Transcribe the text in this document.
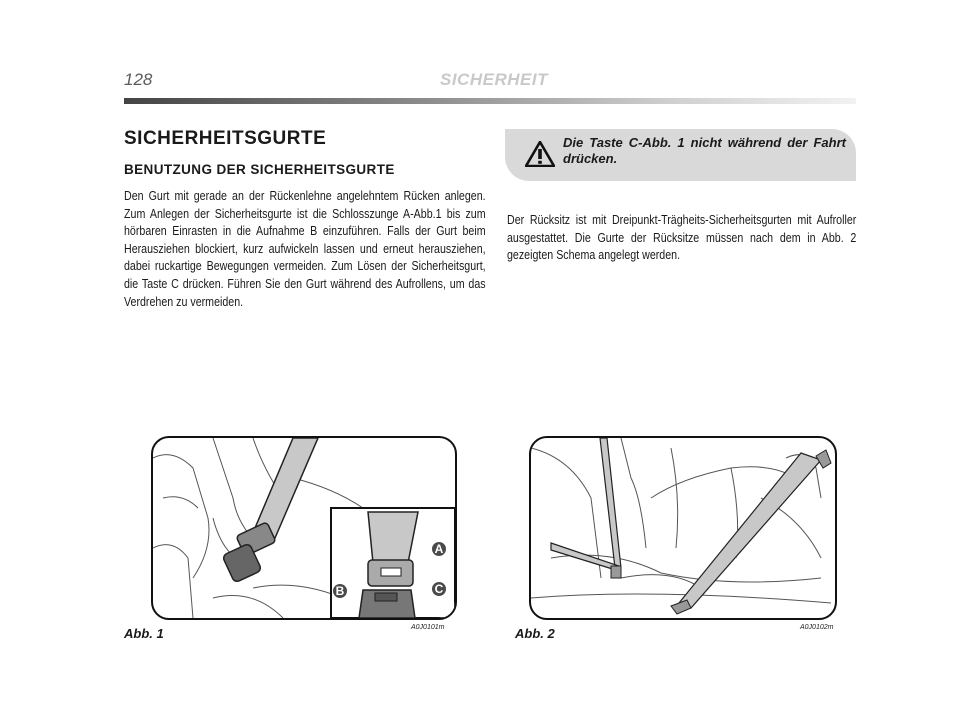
128	SICHERHEIT
SICHERHEITSGURTE
BENUTZUNG DER SICHERHEITSGURTE

Den Gurt mit gerade an der Rückenlehne angelehntem Rücken anlegen. Zum Anlegen der Sicherheitsgurte ist die Schlosszunge A-Abb.1 bis zum hörbaren Einrasten in die Aufnahme B einzuführen. Falls der Gurt beim Herausziehen blockiert, kurz aufwickeln lassen und erneut herausziehen, dabei ruckartige Bewegungen vermeiden. Zum Lösen der Sicherheitsgurt, die Taste C drücken. Führen Sie den Gurt während des Aufrollens, um das Verdrehen zu vermeiden.

Die Taste C-Abb. 1 nicht während der Fahrt drücken.

Der Rücksitz ist mit Dreipunkt-Trägheits-Sicherheitsgurten mit Aufroller ausgestattet. Die Gurte der Rücksitze müssen nach dem in Abb. 2 gezeigten Schema angelegt werden.

A
B	C
Abb. 1	A0J0101m	Abb. 2	A0J0102m
